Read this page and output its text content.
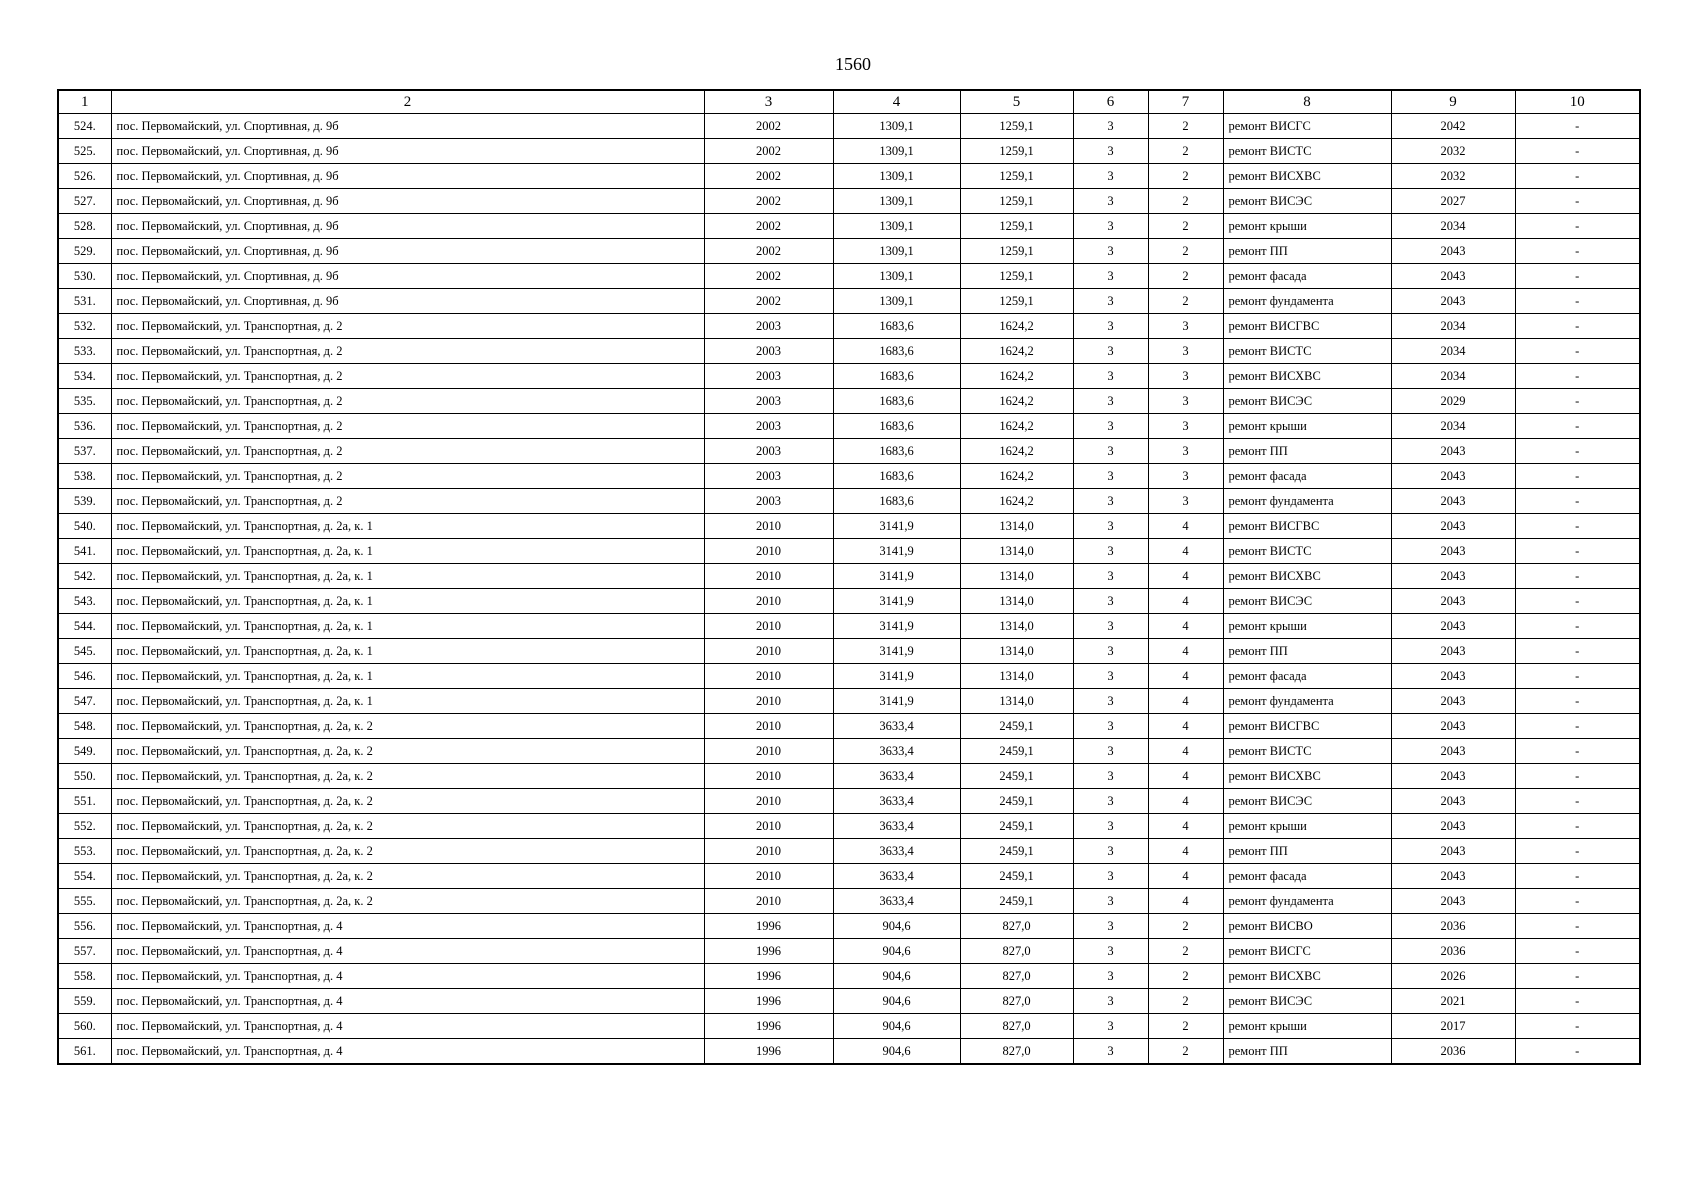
1560
1	2	3	4	5	6	7	8	9	10
524.	пос. Первомайский, ул. Спортивная, д. 9б	2002	1309,1	1259,1	3	2	ремонт ВИСГС	2042	-
525.	пос. Первомайский, ул. Спортивная, д. 9б	2002	1309,1	1259,1	3	2	ремонт ВИСТС	2032	-
526.	пос. Первомайский, ул. Спортивная, д. 9б	2002	1309,1	1259,1	3	2	ремонт ВИСХВС	2032	-
527.	пос. Первомайский, ул. Спортивная, д. 9б	2002	1309,1	1259,1	3	2	ремонт ВИСЭС	2027	-
528.	пос. Первомайский, ул. Спортивная, д. 9б	2002	1309,1	1259,1	3	2	ремонт крыши	2034	-
529.	пос. Первомайский, ул. Спортивная, д. 9б	2002	1309,1	1259,1	3	2	ремонт ПП	2043	-
530.	пос. Первомайский, ул. Спортивная, д. 9б	2002	1309,1	1259,1	3	2	ремонт фасада	2043	-
531.	пос. Первомайский, ул. Спортивная, д. 9б	2002	1309,1	1259,1	3	2	ремонт фундамента	2043	-
532.	пос. Первомайский, ул. Транспортная, д. 2	2003	1683,6	1624,2	3	3	ремонт ВИСГВС	2034	-
533.	пос. Первомайский, ул. Транспортная, д. 2	2003	1683,6	1624,2	3	3	ремонт ВИСТС	2034	-
534.	пос. Первомайский, ул. Транспортная, д. 2	2003	1683,6	1624,2	3	3	ремонт ВИСХВС	2034	-
535.	пос. Первомайский, ул. Транспортная, д. 2	2003	1683,6	1624,2	3	3	ремонт ВИСЭС	2029	-
536.	пос. Первомайский, ул. Транспортная, д. 2	2003	1683,6	1624,2	3	3	ремонт крыши	2034	-
537.	пос. Первомайский, ул. Транспортная, д. 2	2003	1683,6	1624,2	3	3	ремонт ПП	2043	-
538.	пос. Первомайский, ул. Транспортная, д. 2	2003	1683,6	1624,2	3	3	ремонт фасада	2043	-
539.	пос. Первомайский, ул. Транспортная, д. 2	2003	1683,6	1624,2	3	3	ремонт фундамента	2043	-
540.	пос. Первомайский, ул. Транспортная, д. 2а, к. 1	2010	3141,9	1314,0	3	4	ремонт ВИСГВС	2043	-
541.	пос. Первомайский, ул. Транспортная, д. 2а, к. 1	2010	3141,9	1314,0	3	4	ремонт ВИСТС	2043	-
542.	пос. Первомайский, ул. Транспортная, д. 2а, к. 1	2010	3141,9	1314,0	3	4	ремонт ВИСХВС	2043	-
543.	пос. Первомайский, ул. Транспортная, д. 2а, к. 1	2010	3141,9	1314,0	3	4	ремонт ВИСЭС	2043	-
544.	пос. Первомайский, ул. Транспортная, д. 2а, к. 1	2010	3141,9	1314,0	3	4	ремонт крыши	2043	-
545.	пос. Первомайский, ул. Транспортная, д. 2а, к. 1	2010	3141,9	1314,0	3	4	ремонт ПП	2043	-
546.	пос. Первомайский, ул. Транспортная, д. 2а, к. 1	2010	3141,9	1314,0	3	4	ремонт фасада	2043	-
547.	пос. Первомайский, ул. Транспортная, д. 2а, к. 1	2010	3141,9	1314,0	3	4	ремонт фундамента	2043	-
548.	пос. Первомайский, ул. Транспортная, д. 2а, к. 2	2010	3633,4	2459,1	3	4	ремонт ВИСГВС	2043	-
549.	пос. Первомайский, ул. Транспортная, д. 2а, к. 2	2010	3633,4	2459,1	3	4	ремонт ВИСТС	2043	-
550.	пос. Первомайский, ул. Транспортная, д. 2а, к. 2	2010	3633,4	2459,1	3	4	ремонт ВИСХВС	2043	-
551.	пос. Первомайский, ул. Транспортная, д. 2а, к. 2	2010	3633,4	2459,1	3	4	ремонт ВИСЭС	2043	-
552.	пос. Первомайский, ул. Транспортная, д. 2а, к. 2	2010	3633,4	2459,1	3	4	ремонт крыши	2043	-
553.	пос. Первомайский, ул. Транспортная, д. 2а, к. 2	2010	3633,4	2459,1	3	4	ремонт ПП	2043	-
554.	пос. Первомайский, ул. Транспортная, д. 2а, к. 2	2010	3633,4	2459,1	3	4	ремонт фасада	2043	-
555.	пос. Первомайский, ул. Транспортная, д. 2а, к. 2	2010	3633,4	2459,1	3	4	ремонт фундамента	2043	-
556.	пос. Первомайский, ул. Транспортная, д. 4	1996	904,6	827,0	3	2	ремонт ВИСВО	2036	-
557.	пос. Первомайский, ул. Транспортная, д. 4	1996	904,6	827,0	3	2	ремонт ВИСГС	2036	-
558.	пос. Первомайский, ул. Транспортная, д. 4	1996	904,6	827,0	3	2	ремонт ВИСХВС	2026	-
559.	пос. Первомайский, ул. Транспортная, д. 4	1996	904,6	827,0	3	2	ремонт ВИСЭС	2021	-
560.	пос. Первомайский, ул. Транспортная, д. 4	1996	904,6	827,0	3	2	ремонт крыши	2017	-
561.	пос. Первомайский, ул. Транспортная, д. 4	1996	904,6	827,0	3	2	ремонт ПП	2036	-
